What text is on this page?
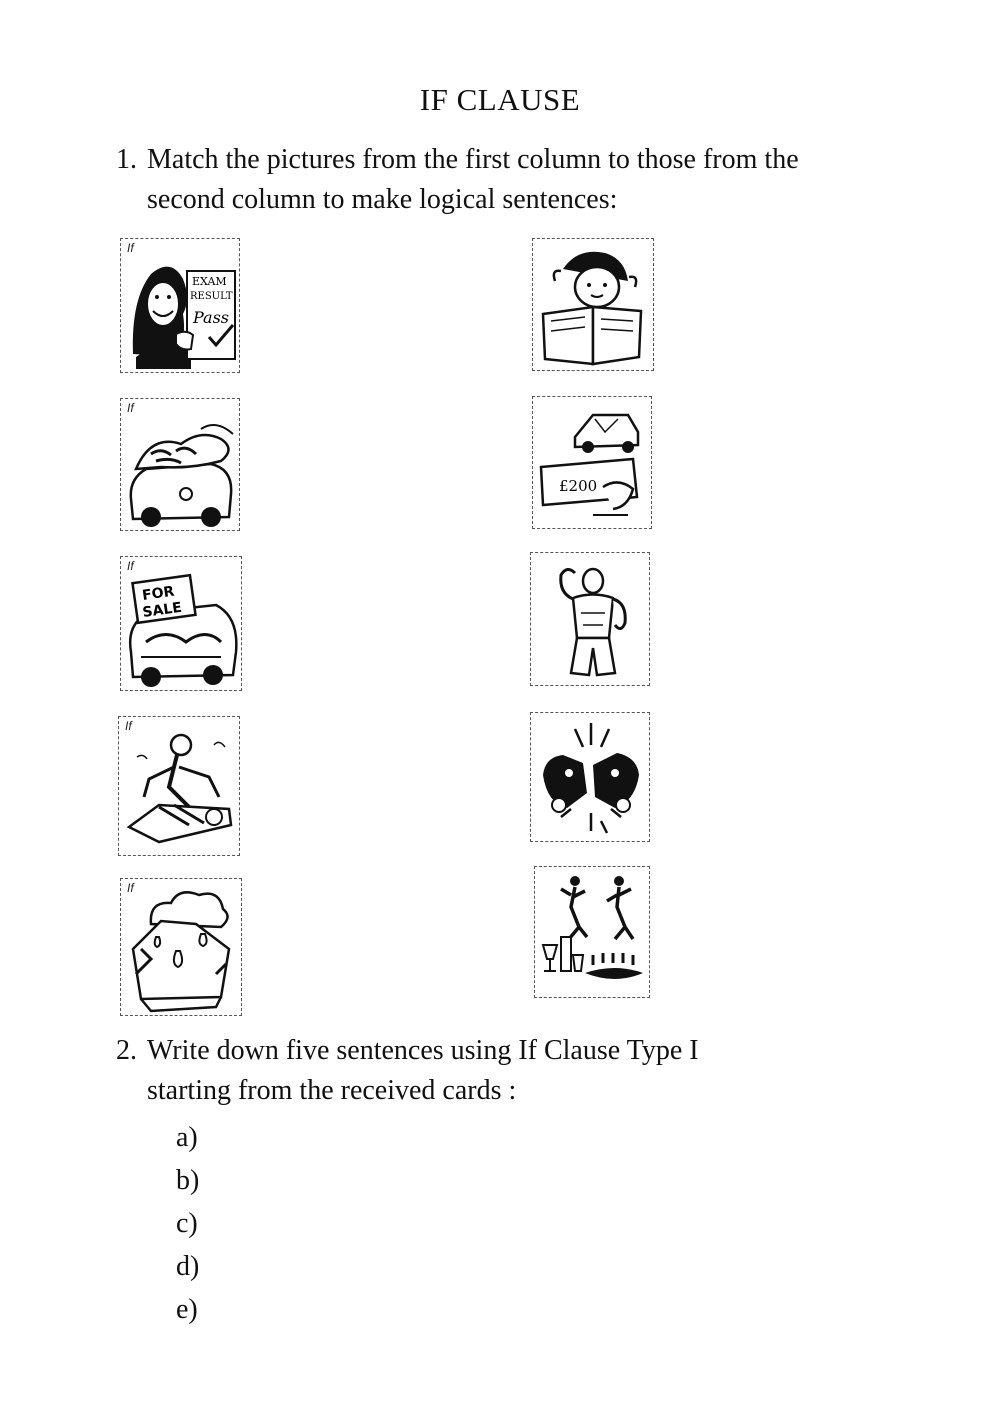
IF CLAUSE
1. Match the pictures from the first column to those from the
second column to make logical sentences:
If
EXAM
RESULT
Pass
If
If
FOR
SALE
If
If
£200
2. Write down five sentences using If Clause Type I
starting from the received cards :
a)
b)
c)
d)
e)
